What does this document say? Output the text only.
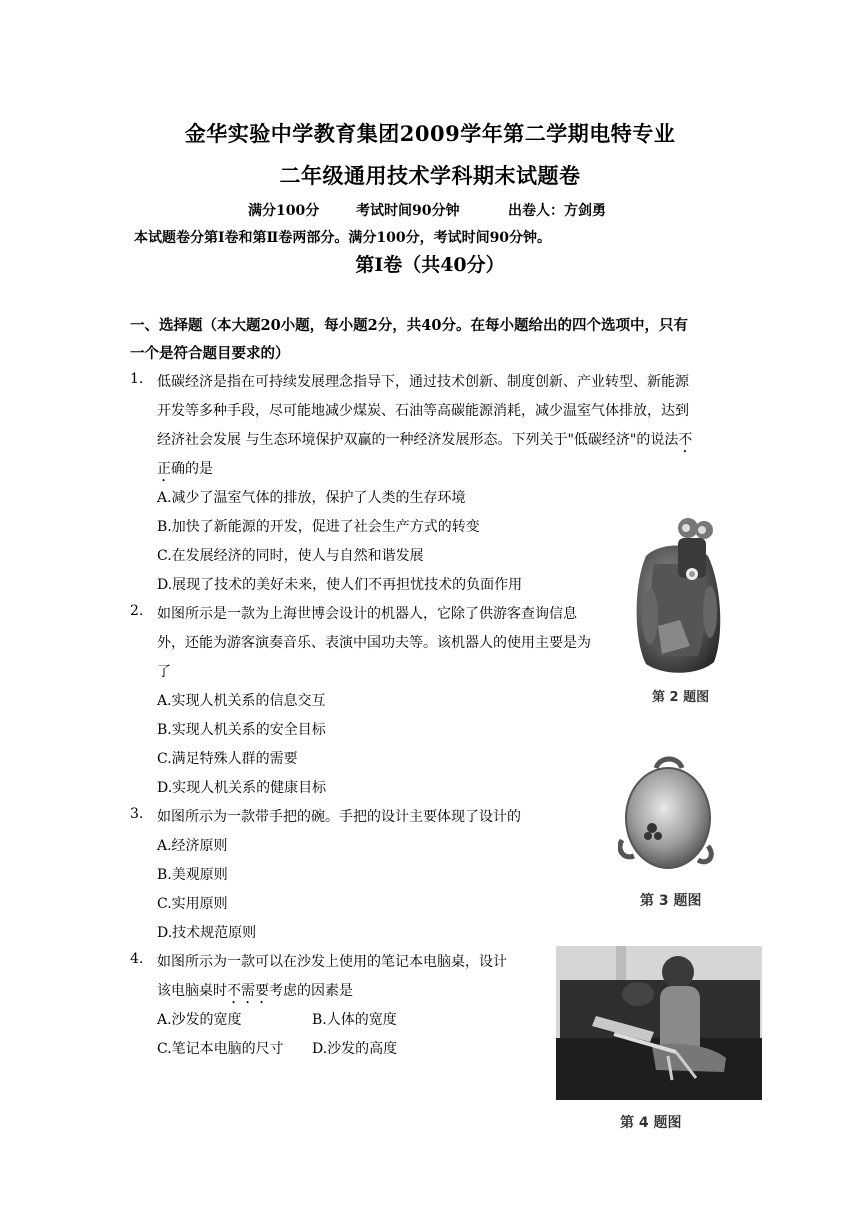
金华实验中学教育集团2009学年第二学期电特专业
二年级通用技术学科期末试题卷
满分100分	考试时间90分钟	出卷人：方剑勇
本试题卷分第Ⅰ卷和第Ⅱ卷两部分。满分100分，考试时间90分钟。
第I卷（共40分）
一、选择题（本大题20小题，每小题2分，共40分。在每小题给出的四个选项中，只有
一个是符合题目要求的）
1. 低碳经济是指在可持续发展理念指导下，通过技术创新、制度创新、产业转型、新能源
开发等多种手段，尽可能地减少煤炭、石油等高碳能源消耗，减少温室气体排放，达到
经济社会发展 与生态环境保护双赢的一种经济发展形态。下列关于"低碳经济"的说法不
正确的是
A.减少了温室气体的排放，保护了人类的生存环境
B.加快了新能源的开发，促进了社会生产方式的转变
C.在发展经济的同时，使人与自然和谐发展
D.展现了技术的美好未来，使人们不再担忧技术的负面作用
2. 如图所示是一款为上海世博会设计的机器人，它除了供游客查询信息
外，还能为游客演奏音乐、表演中国功夫等。该机器人的使用主要是为
了
A.实现人机关系的信息交互
B.实现人机关系的安全目标
C.满足特殊人群的需要
D.实现人机关系的健康目标
3. 如图所示为一款带手把的碗。手把的设计主要体现了设计的
A.经济原则
B.美观原则
C.实用原则
D.技术规范原则
4. 如图所示为一款可以在沙发上使用的笔记本电脑桌，设计
该电脑桌时不需要考虑的因素是
A.沙发的宽度	B.人体的宽度
C.笔记本电脑的尺寸 D.沙发的高度
第 2 题图
第 3 题图
第 4 题图
